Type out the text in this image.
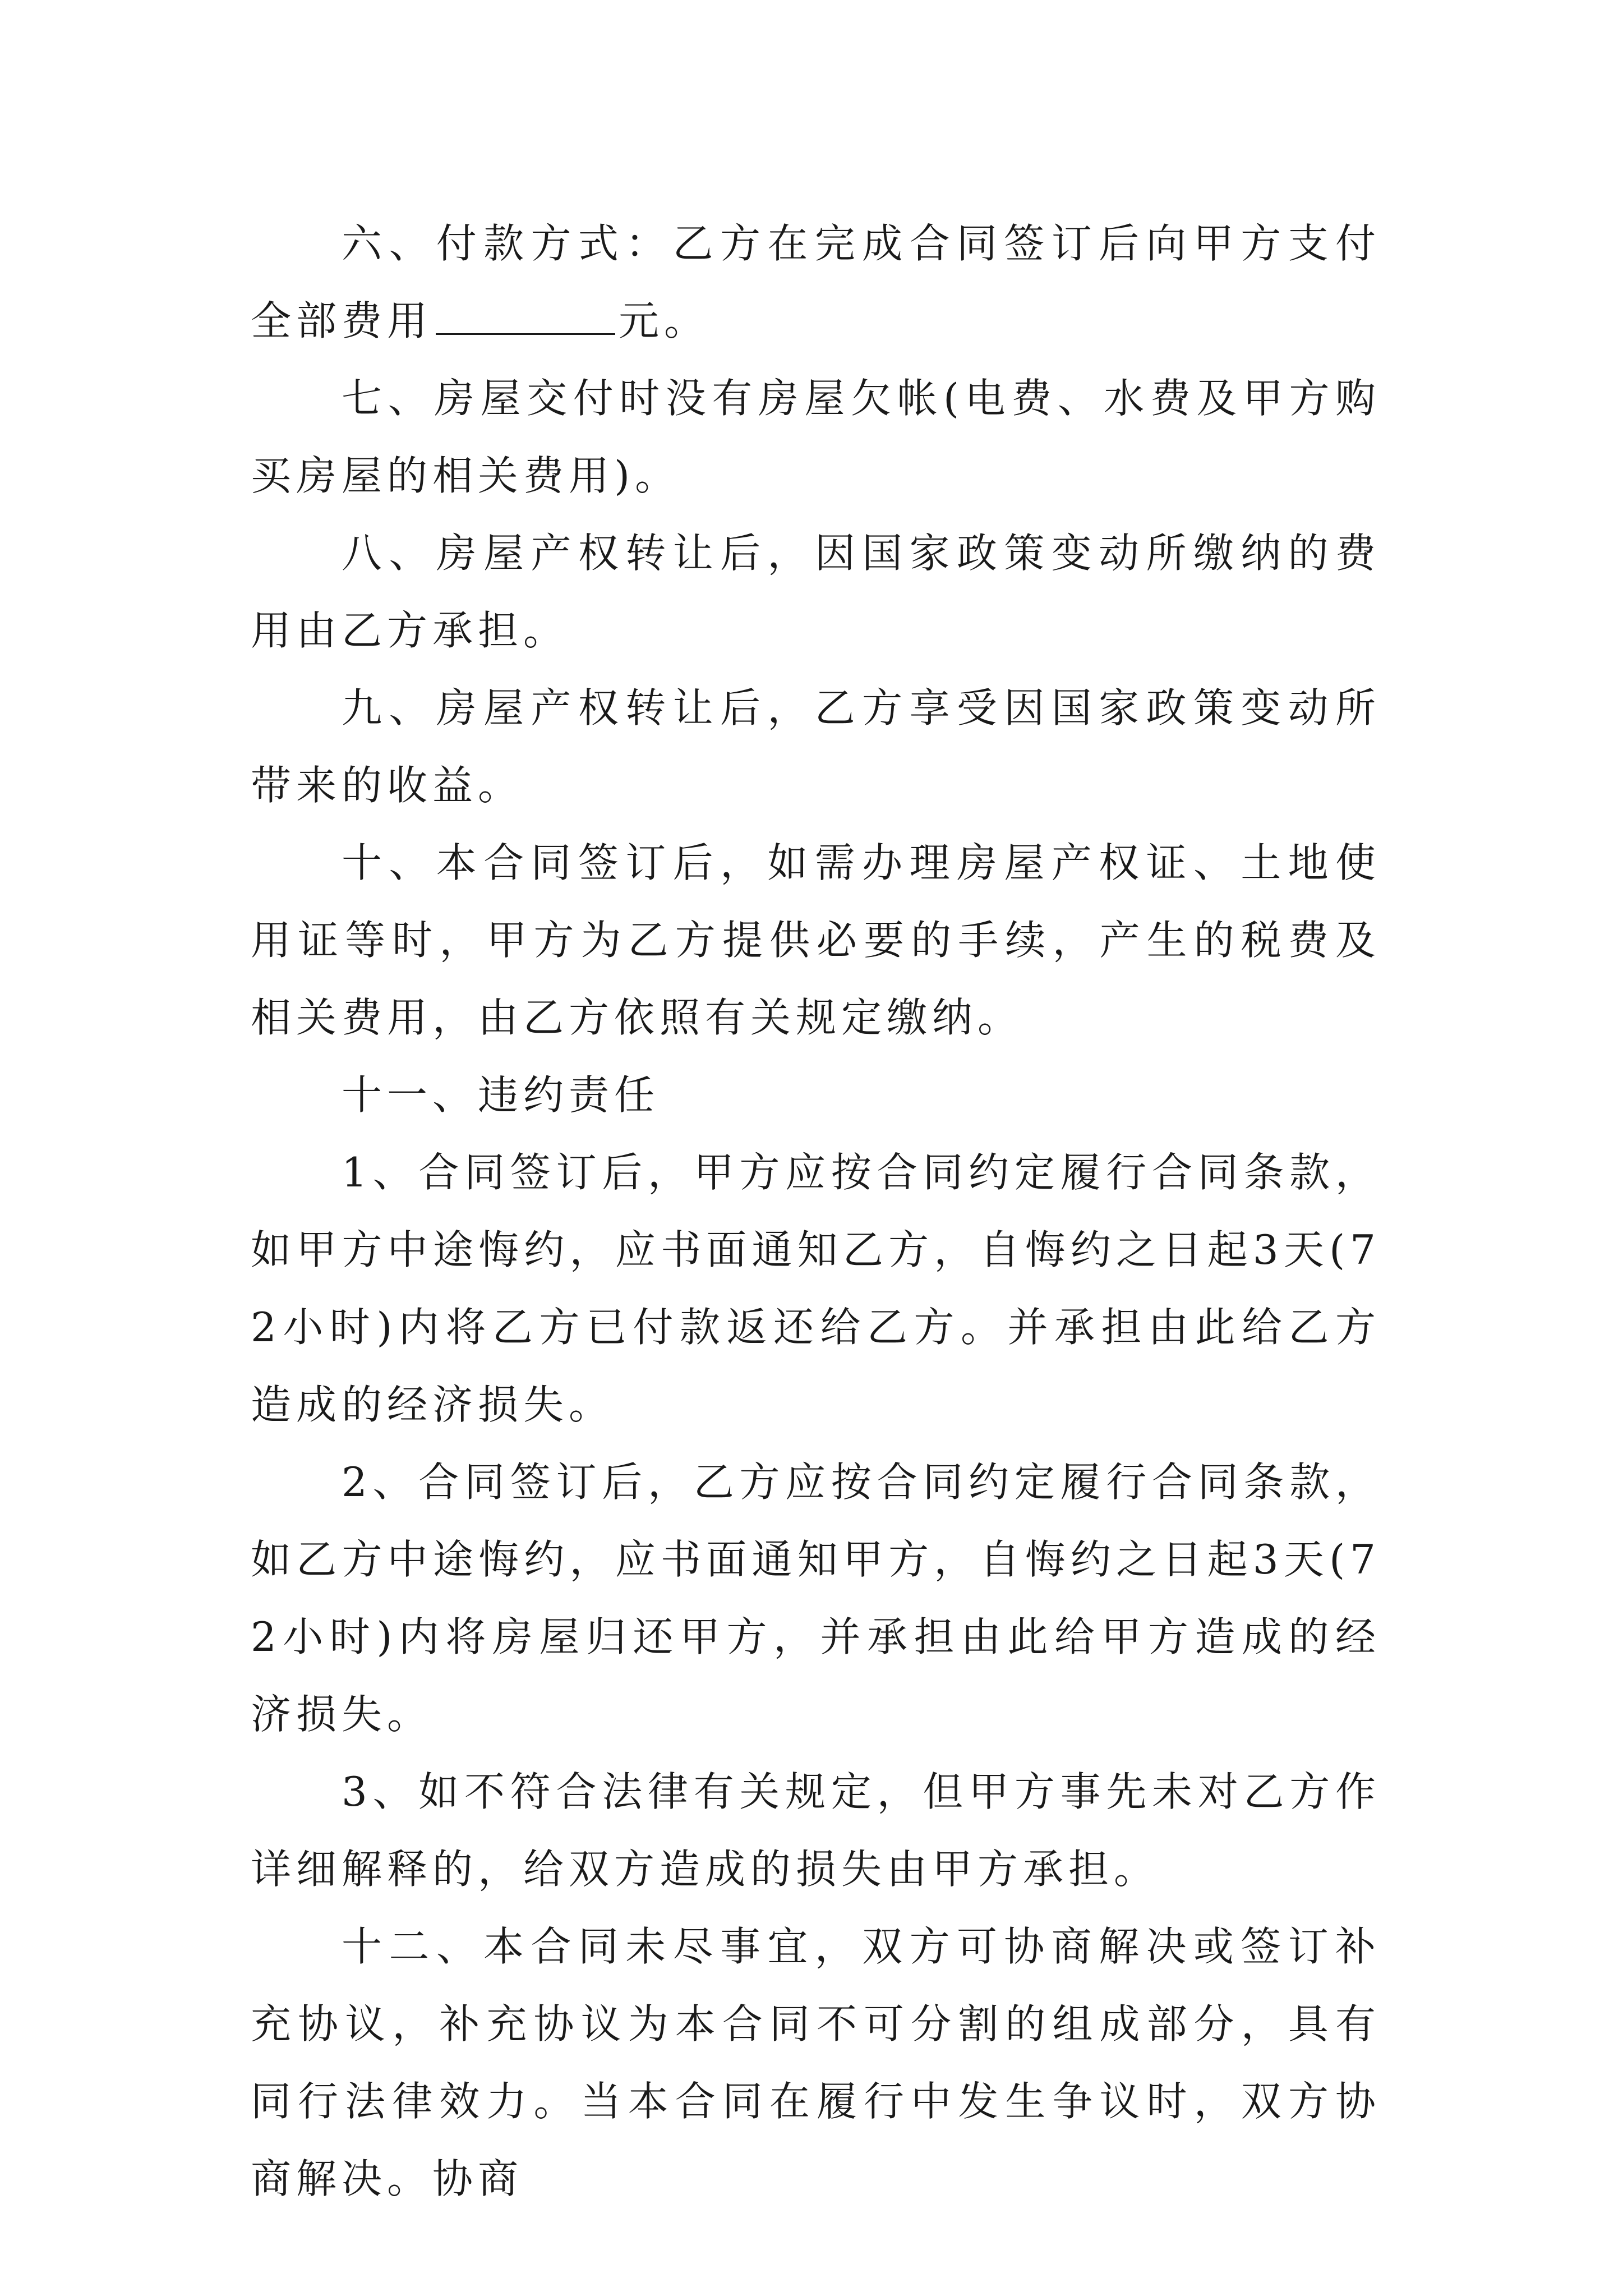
六、付款方式：乙方在完成合同签订后向甲方支付全部费用	元。

七、房屋交付时没有房屋欠帐(电费、水费及甲方购买房屋的相关费用)。

八、房屋产权转让后，因国家政策变动所缴纳的费用由乙方承担。

九、房屋产权转让后，乙方享受因国家政策变动所带来的收益。

十、本合同签订后，如需办理房屋产权证、土地使用证等时，甲方为乙方提供必要的手续，产生的税费及相关费用，由乙方依照有关规定缴纳。

十一、违约责任

1、合同签订后，甲方应按合同约定履行合同条款，如甲方中途悔约，应书面通知乙方，自悔约之日起3天(72小时)内将乙方已付款返还给乙方。并承担由此给乙方造成的经济损失。

2、合同签订后，乙方应按合同约定履行合同条款，如乙方中途悔约，应书面通知甲方，自悔约之日起3天(72小时)内将房屋归还甲方，并承担由此给甲方造成的经济损失。

3、如不符合法律有关规定，但甲方事先未对乙方作详细解释的，给双方造成的损失由甲方承担。

十二、本合同未尽事宜，双方可协商解决或签订补充协议，补充协议为本合同不可分割的组成部分，具有同行法律效力。当本合同在履行中发生争议时，双方协商解决。协商
